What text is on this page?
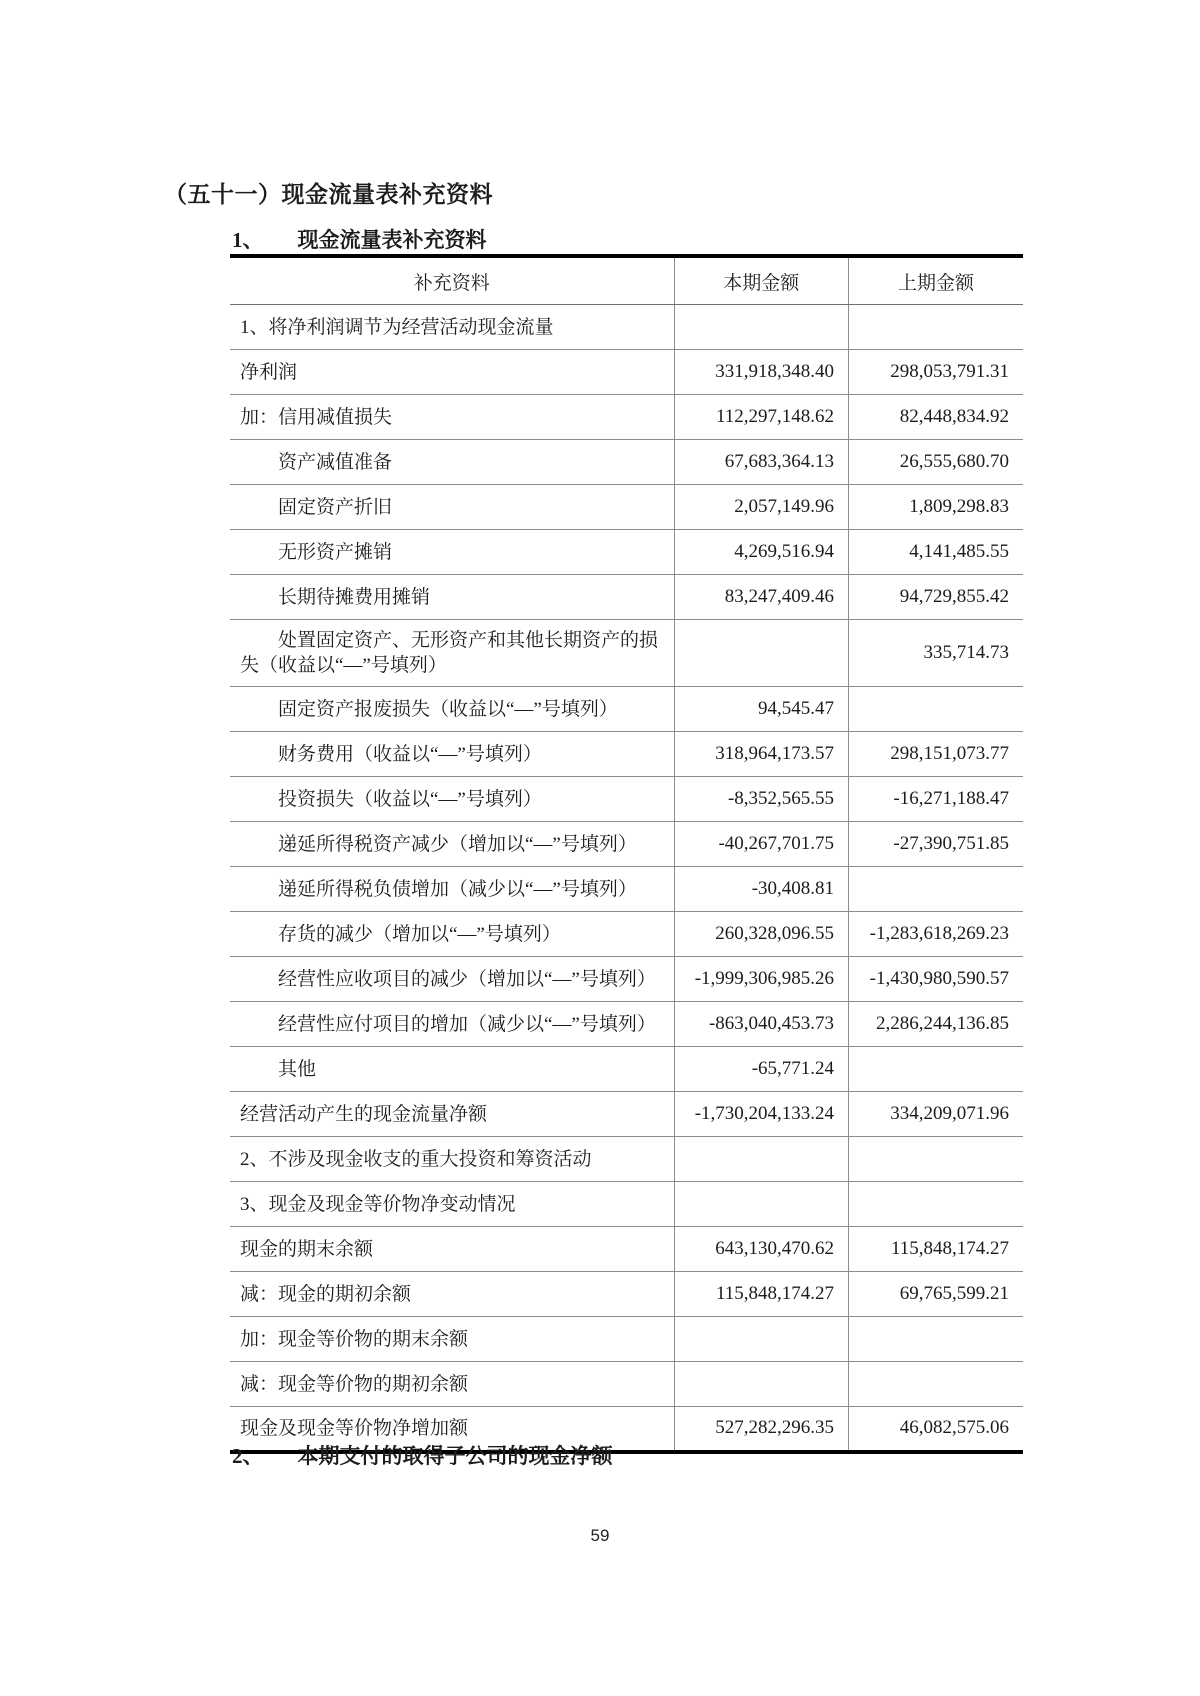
（五十一）现金流量表补充资料
1、 现金流量表补充资料
补充资料	本期金额	上期金额
1、将净利润调节为经营活动现金流量		
净利润	331,918,348.40	298,053,791.31
加：信用减值损失	112,297,148.62	82,448,834.92
资产减值准备	67,683,364.13	26,555,680.70
固定资产折旧	2,057,149.96	1,809,298.83
无形资产摊销	4,269,516.94	4,141,485.55
长期待摊费用摊销	83,247,409.46	94,729,855.42
处置固定资产、无形资产和其他长期资产的损失（收益以“—”号填列）		335,714.73
固定资产报废损失（收益以“—”号填列）	94,545.47	
财务费用（收益以“—”号填列）	318,964,173.57	298,151,073.77
投资损失（收益以“—”号填列）	-8,352,565.55	-16,271,188.47
递延所得税资产减少（增加以“—”号填列）	-40,267,701.75	-27,390,751.85
递延所得税负债增加（减少以“—”号填列）	-30,408.81	
存货的减少（增加以“—”号填列）	260,328,096.55	-1,283,618,269.23
经营性应收项目的减少（增加以“—”号填列）	-1,999,306,985.26	-1,430,980,590.57
经营性应付项目的增加（减少以“—”号填列）	-863,040,453.73	2,286,244,136.85
其他	-65,771.24	
经营活动产生的现金流量净额	-1,730,204,133.24	334,209,071.96
2、不涉及现金收支的重大投资和筹资活动		
3、现金及现金等价物净变动情况		
现金的期末余额	643,130,470.62	115,848,174.27
减：现金的期初余额	115,848,174.27	69,765,599.21
加：现金等价物的期末余额		
减：现金等价物的期初余额		
现金及现金等价物净增加额	527,282,296.35	46,082,575.06
2、 本期支付的取得子公司的现金净额
59
